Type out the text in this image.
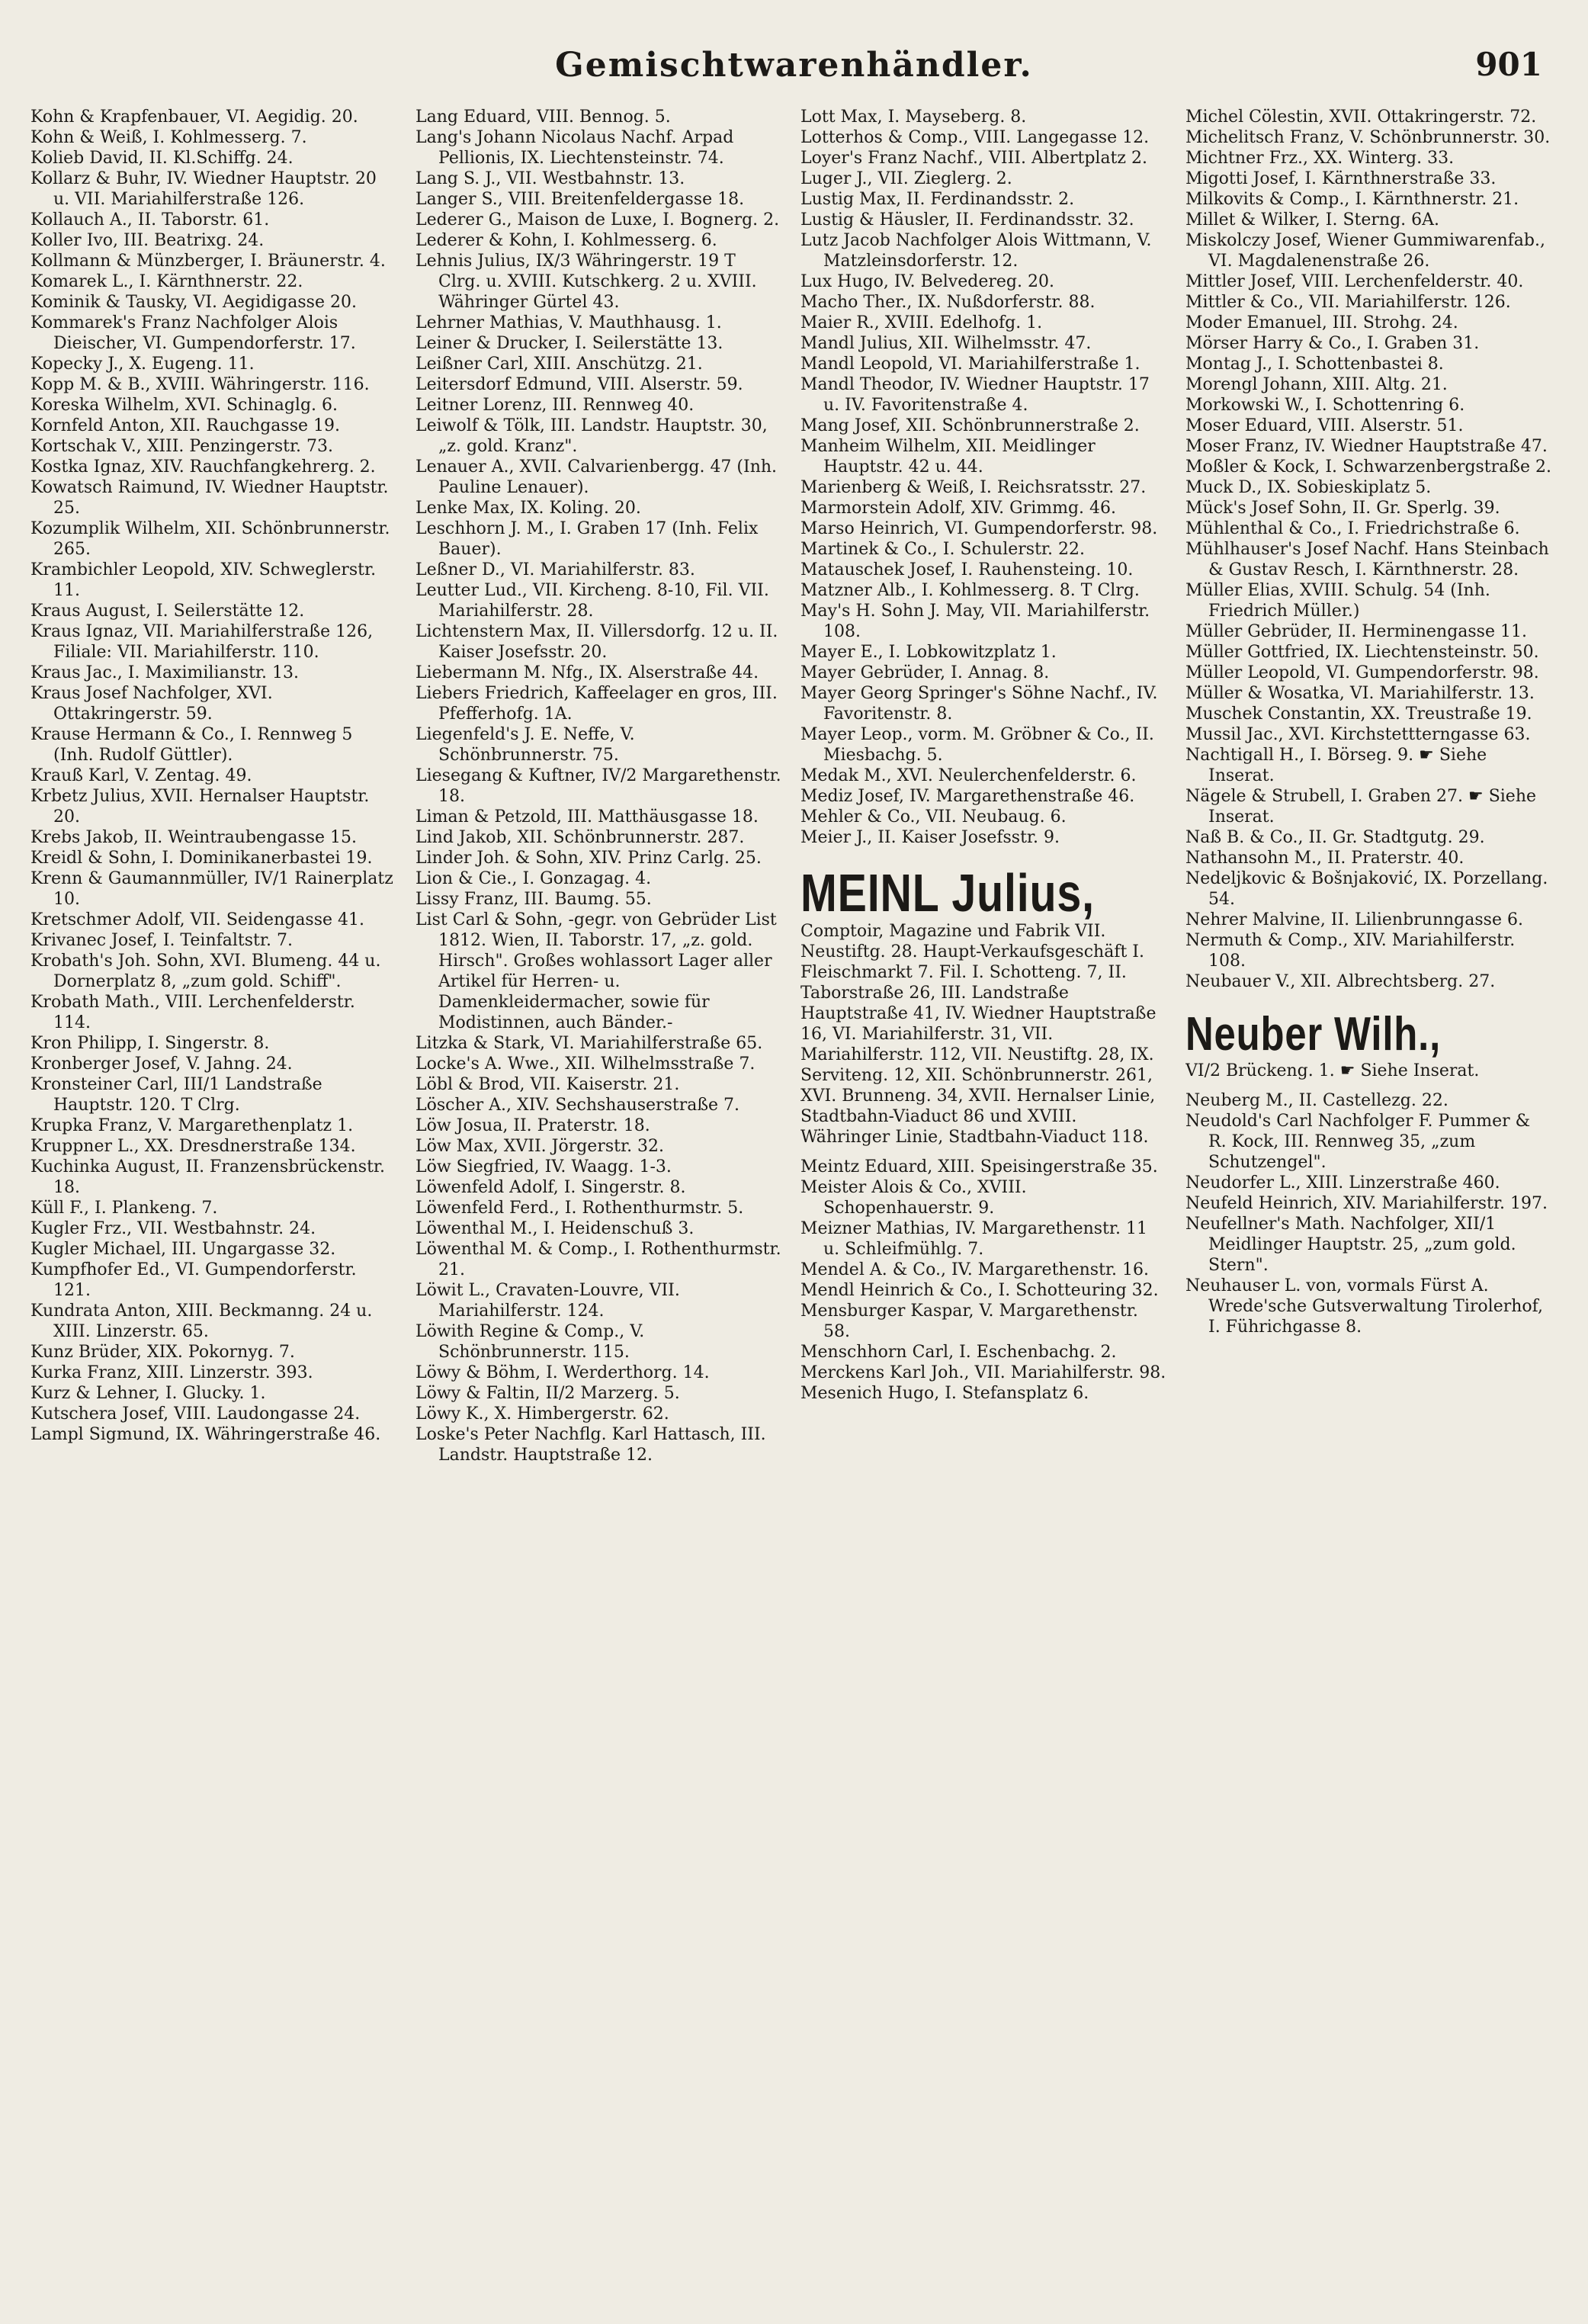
Gemischtwarenhändler.	901

Kohn & Krapfenbauer, VI. Aegidig. 20.

Kohn & Weiß, I. Kohlmesserg. 7.

Kolieb David, II. Kl.Schiffg. 24.

Kollarz & Buhr, IV. Wiedner Hauptstr. 20 u. VII. Mariahilferstraße 126.

Kollauch A., II. Taborstr. 61.

Koller Ivo, III. Beatrixg. 24.

Kollmann & Münzberger, I. Bräunerstr. 4.

Komarek L., I. Kärnthnerstr. 22.

Kominik & Tausky, VI. Aegidigasse 20.

Kommarek's Franz Nachfolger Alois Dieischer, VI. Gumpendorferstr. 17.

Kopecky J., X. Eugeng. 11.

Kopp M. & B., XVIII. Währingerstr. 116.

Koreska Wilhelm, XVI. Schinaglg. 6.

Kornfeld Anton, XII. Rauchgasse 19.

Kortschak V., XIII. Penzingerstr. 73.

Kostka Ignaz, XIV. Rauchfangkehrerg. 2.

Kowatsch Raimund, IV. Wiedner Hauptstr. 25.

Kozumplik Wilhelm, XII. Schönbrunnerstr. 265.

Krambichler Leopold, XIV. Schweglerstr. 11.

Kraus August, I. Seilerstätte 12.

Kraus Ignaz, VII. Mariahilferstraße 126, Filiale: VII. Mariahilferstr. 110.

Kraus Jac., I. Maximilianstr. 13.

Kraus Josef Nachfolger, XVI. Ottakringerstr. 59.

Krause Hermann & Co., I. Rennweg 5 (Inh. Rudolf Güttler).

Krauß Karl, V. Zentag. 49.

Krbetz Julius, XVII. Hernalser Hauptstr. 20.

Krebs Jakob, II. Weintraubengasse 15.

Kreidl & Sohn, I. Dominikanerbastei 19.

Krenn & Gaumannmüller, IV/1 Rainerplatz 10.

Kretschmer Adolf, VII. Seidengasse 41.

Krivanec Josef, I. Teinfaltstr. 7.

Krobath's Joh. Sohn, XVI. Blumeng. 44 u. Dornerplatz 8, „zum gold. Schiff".

Krobath Math., VIII. Lerchenfelderstr. 114.

Kron Philipp, I. Singerstr. 8.

Kronberger Josef, V. Jahng. 24.

Kronsteiner Carl, III/1 Landstraße Hauptstr. 120. T Clrg.

Krupka Franz, V. Margarethenplatz 1.

Kruppner L., XX. Dresdnerstraße 134.

Kuchinka August, II. Franzensbrückenstr. 18.

Küll F., I. Plankeng. 7.

Kugler Frz., VII. Westbahnstr. 24.

Kugler Michael, III. Ungargasse 32.

Kumpfhofer Ed., VI. Gumpendorferstr. 121.

Kundrata Anton, XIII. Beckmanng. 24 u. XIII. Linzerstr. 65.

Kunz Brüder, XIX. Pokornyg. 7.

Kurka Franz, XIII. Linzerstr. 393.

Kurz & Lehner, I. Glucky. 1.

Kutschera Josef, VIII. Laudongasse 24.

Lampl Sigmund, IX. Währingerstraße 46.

Lang Eduard, VIII. Bennog. 5.

Lang's Johann Nicolaus Nachf. Arpad Pellionis, IX. Liechtensteinstr. 74.

Lang S. J., VII. Westbahnstr. 13.

Langer S., VIII. Breitenfeldergasse 18.

Lederer G., Maison de Luxe, I. Bognerg. 2.

Lederer & Kohn, I. Kohlmesserg. 6.

Lehnis Julius, IX/3 Währingerstr. 19 T Clrg. u. XVIII. Kutschkerg. 2 u. XVIII. Währinger Gürtel 43.

Lehrner Mathias, V. Mauthhausg. 1.

Leiner & Drucker, I. Seilerstätte 13.

Leißner Carl, XIII. Anschützg. 21.

Leitersdorf Edmund, VIII. Alserstr. 59.

Leitner Lorenz, III. Rennweg 40.

Leiwolf & Tölk, III. Landstr. Hauptstr. 30, „z. gold. Kranz".

Lenauer A., XVII. Calvarienbergg. 47 (Inh. Pauline Lenauer).

Lenke Max, IX. Koling. 20.

Leschhorn J. M., I. Graben 17 (Inh. Felix Bauer).

Leßner D., VI. Mariahilferstr. 83.

Leutter Lud., VII. Kircheng. 8-10, Fil. VII. Mariahilferstr. 28.

Lichtenstern Max, II. Villersdorfg. 12 u. II. Kaiser Josefsstr. 20.

Liebermann M. Nfg., IX. Alserstraße 44.

Liebers Friedrich, Kaffeelager en gros, III. Pfefferhofg. 1A.

Liegenfeld's J. E. Neffe, V. Schönbrunnerstr. 75.

Liesegang & Kuftner, IV/2 Margarethenstr. 18.

Liman & Petzold, III. Matthäusgasse 18.

Lind Jakob, XII. Schönbrunnerstr. 287.

Linder Joh. & Sohn, XIV. Prinz Carlg. 25.

Lion & Cie., I. Gonzagag. 4.

Lissy Franz, III. Baumg. 55.

List Carl & Sohn, -gegr. von Gebrüder List 1812. Wien, II. Taborstr. 17, „z. gold. Hirsch". Großes wohlassort Lager aller Artikel für Herren- u. Damenkleidermacher, sowie für Modistinnen, auch Bänder.-

Litzka & Stark, VI. Mariahilferstraße 65.

Locke's A. Wwe., XII. Wilhelmsstraße 7.

Löbl & Brod, VII. Kaiserstr. 21.

Löscher A., XIV. Sechshauserstraße 7.

Löw Josua, II. Praterstr. 18.

Löw Max, XVII. Jörgerstr. 32.

Löw Siegfried, IV. Waagg. 1-3.

Löwenfeld Adolf, I. Singerstr. 8.

Löwenfeld Ferd., I. Rothenthurmstr. 5.

Löwenthal M., I. Heidenschuß 3.

Löwenthal M. & Comp., I. Rothenthurmstr. 21.

Löwit L., Cravaten-Louvre, VII. Mariahilferstr. 124.

Löwith Regine & Comp., V. Schönbrunnerstr. 115.

Löwy & Böhm, I. Werderthorg. 14.

Löwy & Faltin, II/2 Marzerg. 5.

Löwy K., X. Himbergerstr. 62.

Loske's Peter Nachflg. Karl Hattasch, III. Landstr. Hauptstraße 12.

Lott Max, I. Mayseberg. 8.

Lotterhos & Comp., VIII. Langegasse 12.

Loyer's Franz Nachf., VIII. Albertplatz 2.

Luger J., VII. Zieglerg. 2.

Lustig Max, II. Ferdinandsstr. 2.

Lustig & Häusler, II. Ferdinandsstr. 32.

Lutz Jacob Nachfolger Alois Wittmann, V. Matzleinsdorferstr. 12.

Lux Hugo, IV. Belvedereg. 20.

Macho Ther., IX. Nußdorferstr. 88.

Maier R., XVIII. Edelhofg. 1.

Mandl Julius, XII. Wilhelmsstr. 47.

Mandl Leopold, VI. Mariahilferstraße 1.

Mandl Theodor, IV. Wiedner Hauptstr. 17 u. IV. Favoritenstraße 4.

Mang Josef, XII. Schönbrunnerstraße 2.

Manheim Wilhelm, XII. Meidlinger Hauptstr. 42 u. 44.

Marienberg & Weiß, I. Reichsratsstr. 27.

Marmorstein Adolf, XIV. Grimmg. 46.

Marso Heinrich, VI. Gumpendorferstr. 98.

Martinek & Co., I. Schulerstr. 22.

Matauschek Josef, I. Rauhensteing. 10.

Matzner Alb., I. Kohlmesserg. 8. T Clrg.

May's H. Sohn J. May, VII. Mariahilferstr. 108.

Mayer E., I. Lobkowitzplatz 1.

Mayer Gebrüder, I. Annag. 8.

Mayer Georg Springer's Söhne Nachf., IV. Favoritenstr. 8.

Mayer Leop., vorm. M. Gröbner & Co., II. Miesbachg. 5.

Medak M., XVI. Neulerchenfelderstr. 6.

Mediz Josef, IV. Margarethenstraße 46.

Mehler & Co., VII. Neubaug. 6.

Meier J., II. Kaiser Josefsstr. 9.

MEINL Julius,

Comptoir, Magazine und Fabrik VII. Neustiftg. 28. Haupt-Verkaufsgeschäft I. Fleischmarkt 7. Fil. I. Schotteng. 7, II. Taborstraße 26, III. Landstraße Hauptstraße 41, IV. Wiedner Hauptstraße 16, VI. Mariahilferstr. 31, VII. Mariahilferstr. 112, VII. Neustiftg. 28, IX. Serviteng. 12, XII. Schönbrunnerstr. 261, XVI. Brunneng. 34, XVII. Hernalser Linie, Stadtbahn-Viaduct 86 und XVIII. Währinger Linie, Stadtbahn-Viaduct 118.

Meintz Eduard, XIII. Speisingerstraße 35.

Meister Alois & Co., XVIII. Schopenhauerstr. 9.

Meizner Mathias, IV. Margarethenstr. 11 u. Schleifmühlg. 7.

Mendel A. & Co., IV. Margarethenstr. 16.

Mendl Heinrich & Co., I. Schotteuring 32.

Mensburger Kaspar, V. Margarethenstr. 58.

Menschhorn Carl, I. Eschenbachg. 2.

Merckens Karl Joh., VII. Mariahilferstr. 98.

Mesenich Hugo, I. Stefansplatz 6.

Michel Cölestin, XVII. Ottakringerstr. 72.

Michelitsch Franz, V. Schönbrunnerstr. 30.

Michtner Frz., XX. Winterg. 33.

Migotti Josef, I. Kärnthnerstraße 33.

Milkovits & Comp., I. Kärnthnerstr. 21.

Millet & Wilker, I. Sterng. 6A.

Miskolczy Josef, Wiener Gummiwarenfab., VI. Magdalenenstraße 26.

Mittler Josef, VIII. Lerchenfelderstr. 40.

Mittler & Co., VII. Mariahilferstr. 126.

Moder Emanuel, III. Strohg. 24.

Mörser Harry & Co., I. Graben 31.

Montag J., I. Schottenbastei 8.

Morengl Johann, XIII. Altg. 21.

Morkowski W., I. Schottenring 6.

Moser Eduard, VIII. Alserstr. 51.

Moser Franz, IV. Wiedner Hauptstraße 47.

Moßler & Kock, I. Schwarzenbergstraße 2.

Muck D., IX. Sobieskiplatz 5.

Mück's Josef Sohn, II. Gr. Sperlg. 39.

Mühlenthal & Co., I. Friedrichstraße 6.

Mühlhauser's Josef Nachf. Hans Steinbach & Gustav Resch, I. Kärnthnerstr. 28.

Müller Elias, XVIII. Schulg. 54 (Inh. Friedrich Müller.)

Müller Gebrüder, II. Herminengasse 11.

Müller Gottfried, IX. Liechtensteinstr. 50.

Müller Leopold, VI. Gumpendorferstr. 98.

Müller & Wosatka, VI. Mariahilferstr. 13.

Muschek Constantin, XX. Treustraße 19.

Mussil Jac., XVI. Kirchstettterngasse 63.

Nachtigall H., I. Börseg. 9. ☛ Siehe Inserat.

Nägele & Strubell, I. Graben 27. ☛ Siehe Inserat.

Naß B. & Co., II. Gr. Stadtgutg. 29.

Nathansohn M., II. Praterstr. 40.

Nedeljkovic & Bošnjaković, IX. Porzellang. 54.

Nehrer Malvine, II. Lilienbrunngasse 6.

Nermuth & Comp., XIV. Mariahilferstr. 108.

Neubauer V., XII. Albrechtsberg. 27.

Neuber Wilh.,

VI/2 Brückeng. 1. ☛ Siehe Inserat.

Neuberg M., II. Castellezg. 22.

Neudold's Carl Nachfolger F. Pummer & R. Kock, III. Rennweg 35, „zum Schutzengel".

Neudorfer L., XIII. Linzerstraße 460.

Neufeld Heinrich, XIV. Mariahilferstr. 197.

Neufellner's Math. Nachfolger, XII/1 Meidlinger Hauptstr. 25, „zum gold. Stern".

Neuhauser L. von, vormals Fürst A. Wrede'sche Gutsverwaltung Tirolerhof, I. Führichgasse 8.
